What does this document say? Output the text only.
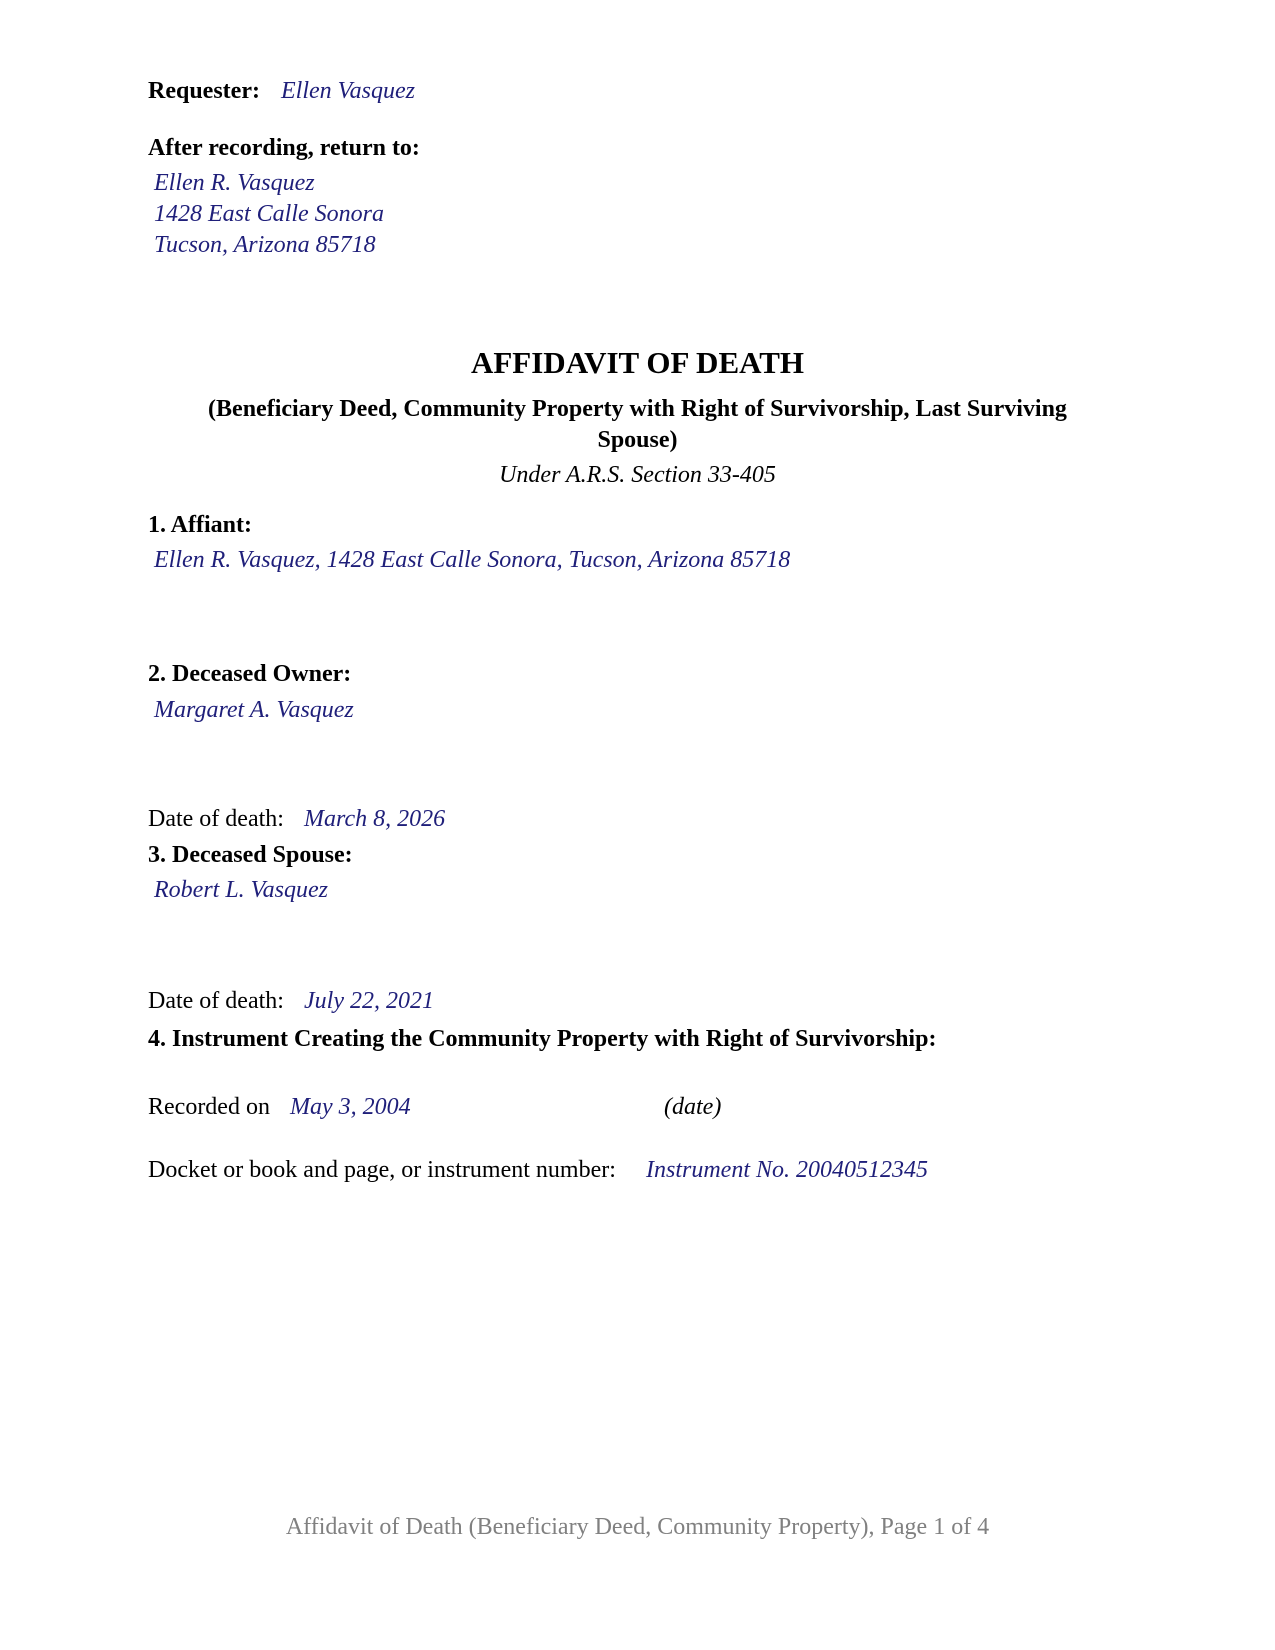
Requester: Ellen Vasquez
After recording, return to:
Ellen R. Vasquez
1428 East Calle Sonora
Tucson, Arizona 85718
AFFIDAVIT OF DEATH
(Beneficiary Deed, Community Property with Right of Survivorship, Last Surviving
Spouse)
Under A.R.S. Section 33-405
1. Affiant:
Ellen R. Vasquez, 1428 East Calle Sonora, Tucson, Arizona 85718
2. Deceased Owner:
Margaret A. Vasquez
Date of death: March 8, 2026
3. Deceased Spouse:
Robert L. Vasquez
Date of death: July 22, 2021
4. Instrument Creating the Community Property with Right of Survivorship:
Recorded on May 3, 2004	(date)
Docket or book and page, or instrument number: Instrument No. 20040512345
Affidavit of Death (Beneficiary Deed, Community Property), Page 1 of 4
